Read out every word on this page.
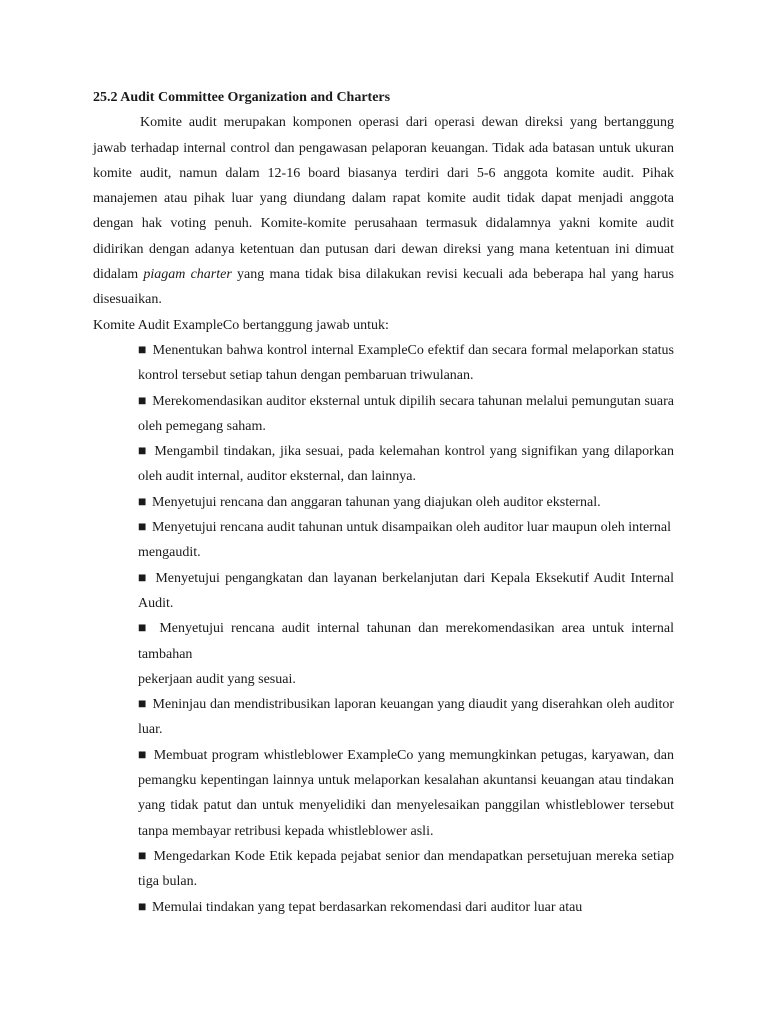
25.2 Audit Committee Organization and Charters

Komite audit merupakan komponen operasi dari operasi dewan direksi yang bertanggung jawab terhadap internal control dan pengawasan pelaporan keuangan. Tidak ada batasan untuk ukuran komite audit, namun dalam 12-16 board biasanya terdiri dari 5-6 anggota komite audit. Pihak manajemen atau pihak luar yang diundang dalam rapat komite audit tidak dapat menjadi anggota dengan hak voting penuh. Komite-komite perusahaan termasuk didalamnya yakni komite audit didirikan dengan adanya ketentuan dan putusan dari dewan direksi yang mana ketentuan ini dimuat didalam piagam charter yang mana tidak bisa dilakukan revisi kecuali ada beberapa hal yang harus disesuaikan.

Komite Audit ExampleCo bertanggung jawab untuk:

■ Menentukan bahwa kontrol internal ExampleCo efektif dan secara formal melaporkan status kontrol tersebut setiap tahun dengan pembaruan triwulanan.
■ Merekomendasikan auditor eksternal untuk dipilih secara tahunan melalui pemungutan suara oleh pemegang saham.
■ Mengambil tindakan, jika sesuai, pada kelemahan kontrol yang signifikan yang dilaporkan oleh audit internal, auditor eksternal, dan lainnya.
■ Menyetujui rencana dan anggaran tahunan yang diajukan oleh auditor eksternal.
■ Menyetujui rencana audit tahunan untuk disampaikan oleh auditor luar maupun oleh internal
mengaudit.
■ Menyetujui pengangkatan dan layanan berkelanjutan dari Kepala Eksekutif Audit Internal Audit.
■ Menyetujui rencana audit internal tahunan dan merekomendasikan area untuk internal tambahan
pekerjaan audit yang sesuai.
■ Meninjau dan mendistribusikan laporan keuangan yang diaudit yang diserahkan oleh auditor luar.
■ Membuat program whistleblower ExampleCo yang memungkinkan petugas, karyawan, dan pemangku kepentingan lainnya untuk melaporkan kesalahan akuntansi keuangan atau tindakan yang tidak patut dan untuk menyelidiki dan menyelesaikan panggilan whistleblower tersebut tanpa membayar retribusi kepada whistleblower asli.
■ Mengedarkan Kode Etik kepada pejabat senior dan mendapatkan persetujuan mereka setiap tiga bulan.
■ Memulai tindakan yang tepat berdasarkan rekomendasi dari auditor luar atau
